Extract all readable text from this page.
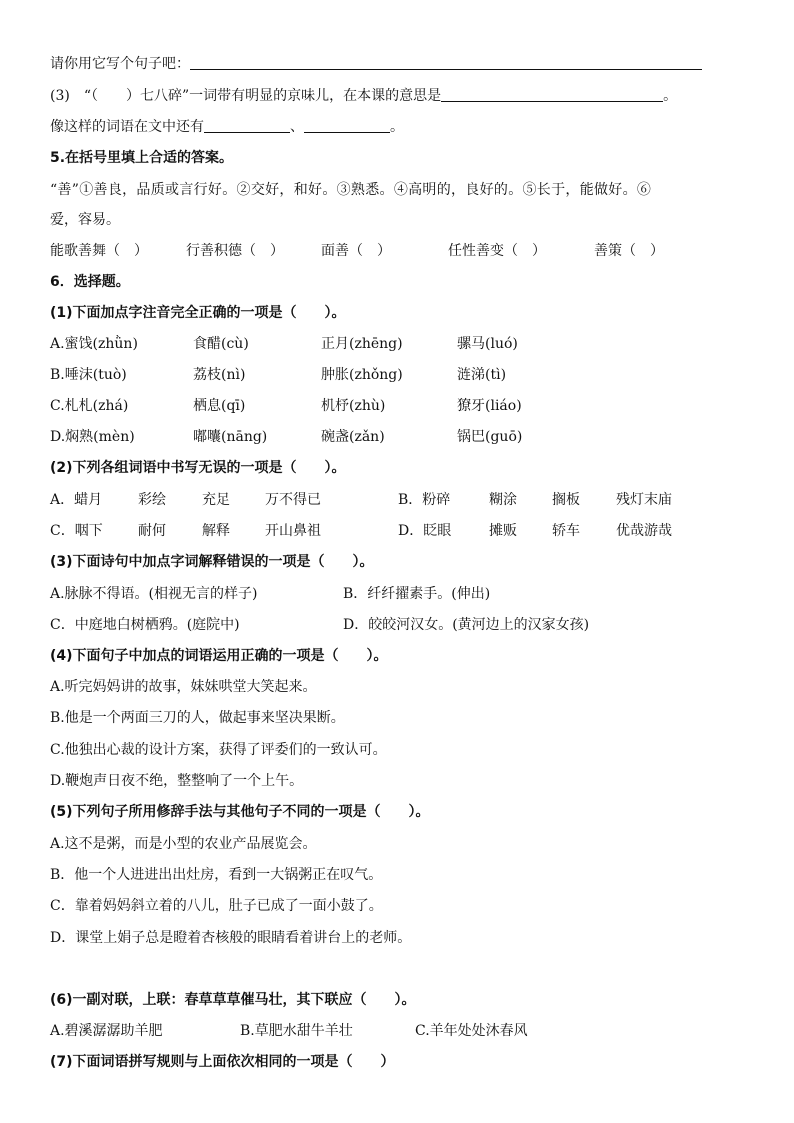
请你用它写个句子吧：
(3)　“（　　）七八碎”一词带有明显的京味儿，在本课的意思是	。
像这样的词语在文中还有	、	。
5.在括号里填上合适的答案。
“善”①善良，品质或言行好。②交好，和好。③熟悉。④高明的，良好的。⑤长于，能做好。⑥
爱，容易。
能歌善舞（　）	行善积德（　）	面善（　）	任性善变（　）	善策（　）
6．选择题。
(1)下面加点字注音完全正确的一项是（　　）。
A.蜜饯(zhǜn)	食醋(cù)	正月(zhēng)	骡马(luó)
B.唾沫(tuò)	荔枝(nì)	肿胀(zhǒng)	涟涕(tì)
C.札札(zhá)	栖息(qī)	机杼(zhù)	獠牙(liáo)
D.焖熟(mèn)	嘟囔(nāng)	碗盏(zǎn)	锅巴(guō)
(2)下列各组词语中书写无误的一项是（　　）。
A．蜡月	彩绘	充足	万不得已	B．粉碎	糊涂	搁板	残灯末庙
C．咽下	耐何	解释	开山鼻祖	D．眨眼	摊贩	轿车	优哉游哉
(3)下面诗句中加点字词解释错误的一项是（　　）。
A.脉脉不得语。(相视无言的样子)	B．纤纤擢素手。(伸出)
C．中庭地白树栖鸦。(庭院中)	D．皎皎河汉女。(黄河边上的汉家女孩)
(4)下面句子中加点的词语运用正确的一项是（　　）。
A.听完妈妈讲的故事，妹妹哄堂大笑起来。
B.他是一个两面三刀的人，做起事来坚决果断。
C.他独出心裁的设计方案，获得了评委们的一致认可。
D.鞭炮声日夜不绝，整整响了一个上午。
(5)下列句子所用修辞手法与其他句子不同的一项是（　　）。
A.这不是粥，而是小型的农业产品展览会。
B．他一个人进进出出灶房，看到一大锅粥正在叹气。
C．靠着妈妈斜立着的八儿，肚子已成了一面小鼓了。
D．课堂上娟子总是瞪着杏核般的眼睛看着讲台上的老师。
(6)一副对联，上联：春草草草催马壮，其下联应（　　）。
A.碧溪潺潺助羊肥	B.草肥水甜牛羊壮	C.羊年处处沐春风
(7)下面词语拼写规则与上面依次相同的一项是（　　）
